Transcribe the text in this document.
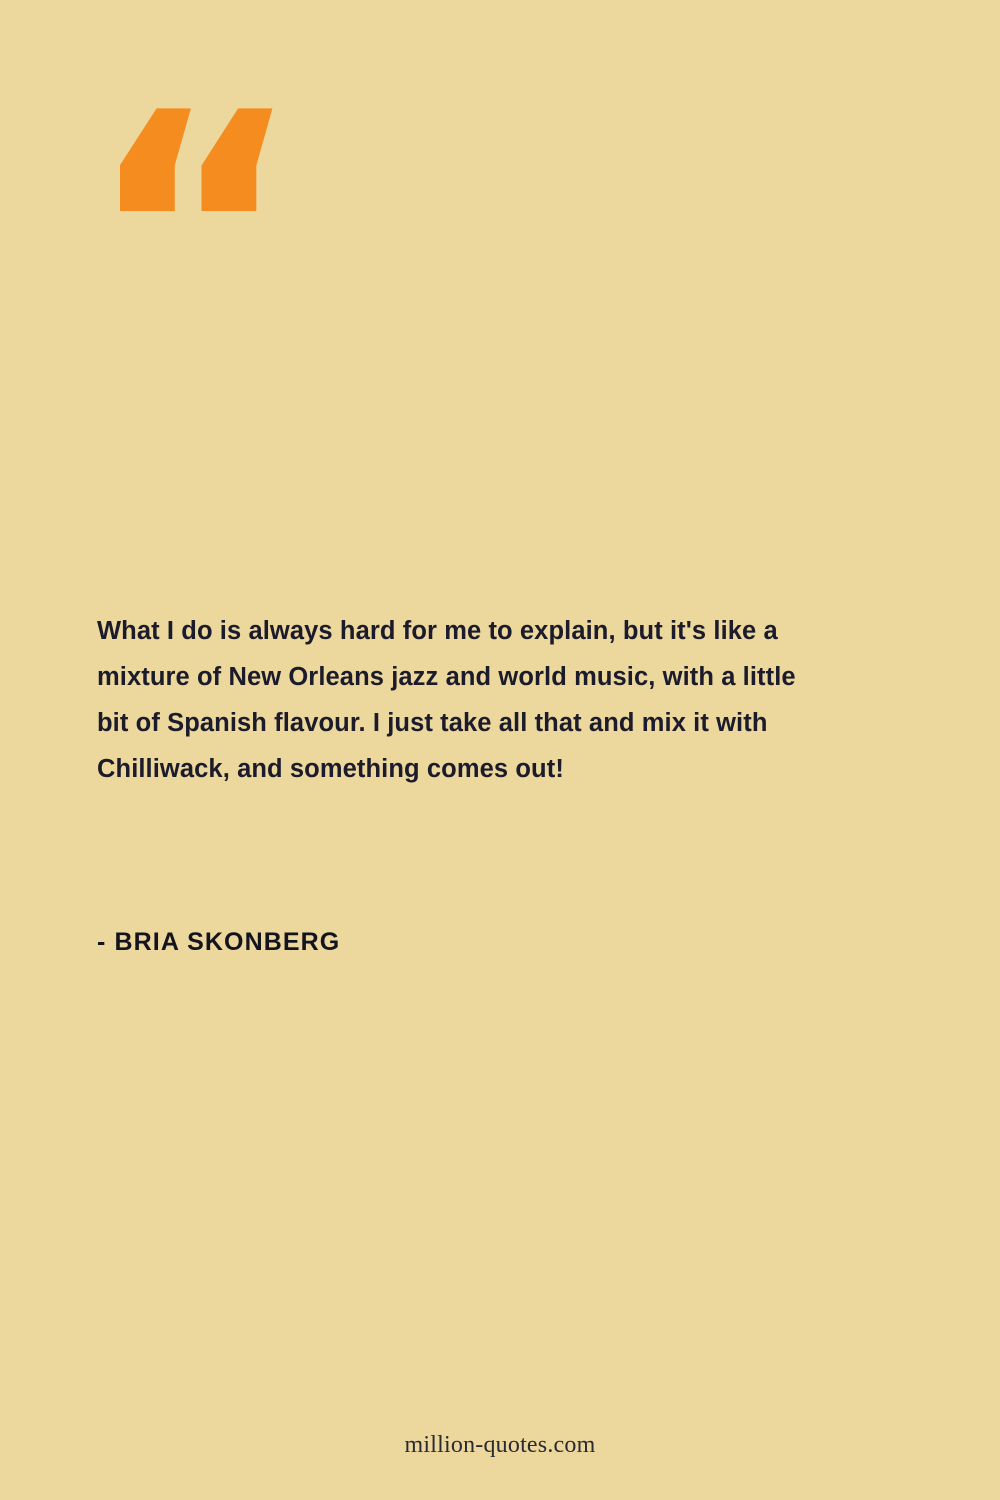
“
What I do is always hard for me to explain, but it's like a mixture of New Orleans jazz and world music, with a little bit of Spanish flavour. I just take all that and mix it with Chilliwack, and something comes out!
- BRIA SKONBERG
million-quotes.com
